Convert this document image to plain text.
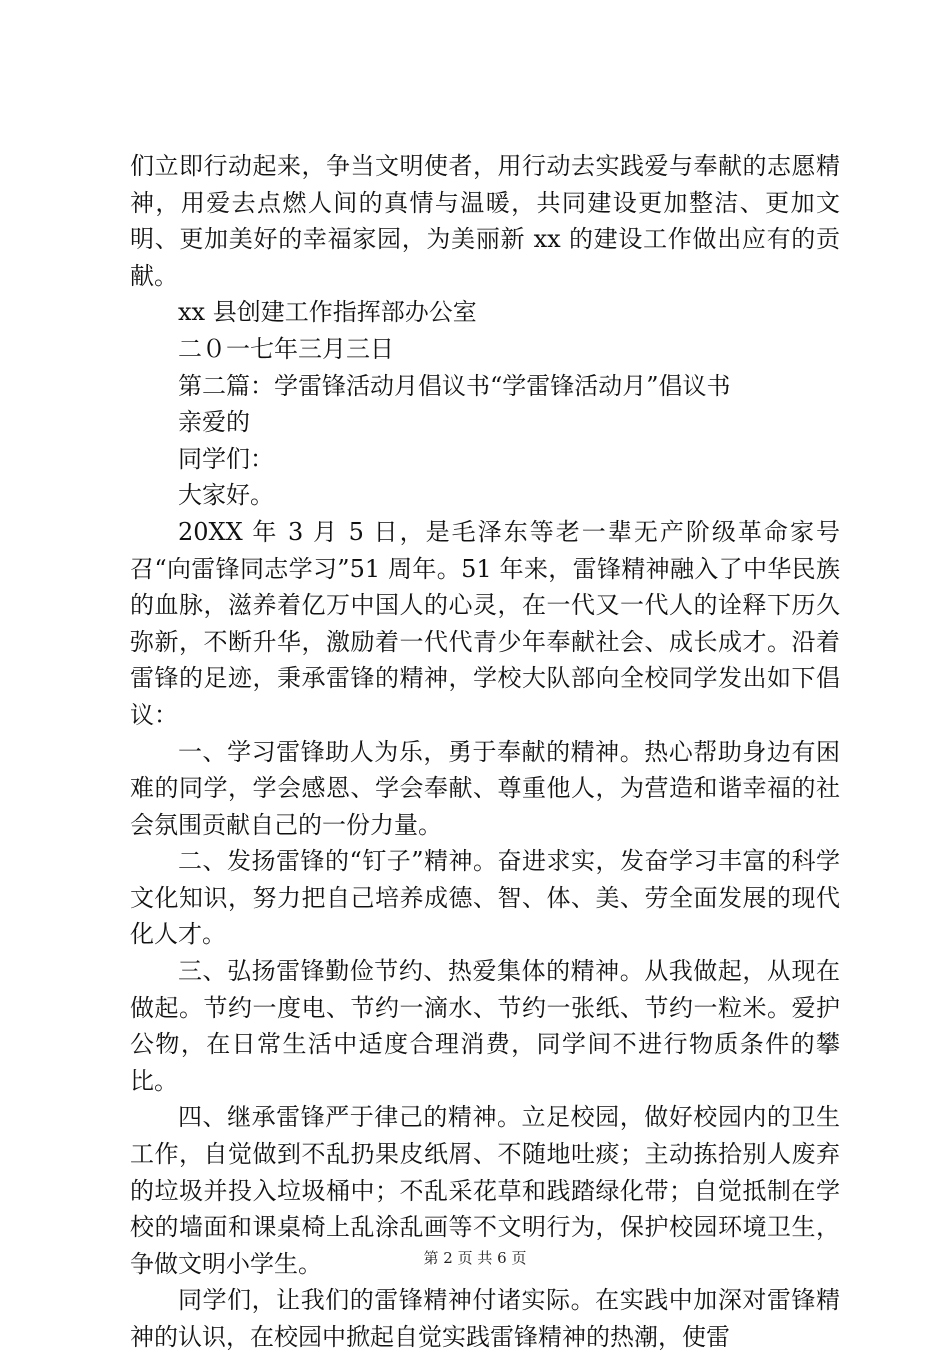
们立即行动起来，争当文明使者，用行动去实践爱与奉献的志愿精神，用爱去点燃人间的真情与温暖，共同建设更加整洁、更加文明、更加美好的幸福家园，为美丽新 xx 的建设工作做出应有的贡献。

xx 县创建工作指挥部办公室

二０一七年三月三日

第二篇：学雷锋活动月倡议书“学雷锋活动月”倡议书

亲爱的

同学们：

大家好。

20XX 年 3 月 5 日，是毛泽东等老一辈无产阶级革命家号召“向雷锋同志学习”51 周年。51 年来，雷锋精神融入了中华民族的血脉，滋养着亿万中国人的心灵，在一代又一代人的诠释下历久弥新，不断升华，激励着一代代青少年奉献社会、成长成才。沿着雷锋的足迹，秉承雷锋的精神，学校大队部向全校同学发出如下倡议：

一、学习雷锋助人为乐，勇于奉献的精神。热心帮助身边有困难的同学，学会感恩、学会奉献、尊重他人，为营造和谐幸福的社会氛围贡献自己的一份力量。

二、发扬雷锋的“钉子”精神。奋进求实，发奋学习丰富的科学文化知识，努力把自己培养成德、智、体、美、劳全面发展的现代化人才。

三、弘扬雷锋勤俭节约、热爱集体的精神。从我做起，从现在做起。节约一度电、节约一滴水、节约一张纸、节约一粒米。爱护公物，在日常生活中适度合理消费，同学间不进行物质条件的攀比。

四、继承雷锋严于律己的精神。立足校园，做好校园内的卫生工作，自觉做到不乱扔果皮纸屑、不随地吐痰；主动拣拾别人废弃的垃圾并投入垃圾桶中；不乱采花草和践踏绿化带；自觉抵制在学校的墙面和课桌椅上乱涂乱画等不文明行为，保护校园环境卫生，争做文明小学生。

同学们，让我们的雷锋精神付诸实际。在实践中加深对雷锋精神的认识，在校园中掀起自觉实践雷锋精神的热潮，使雷

第 2 页 共 6 页
